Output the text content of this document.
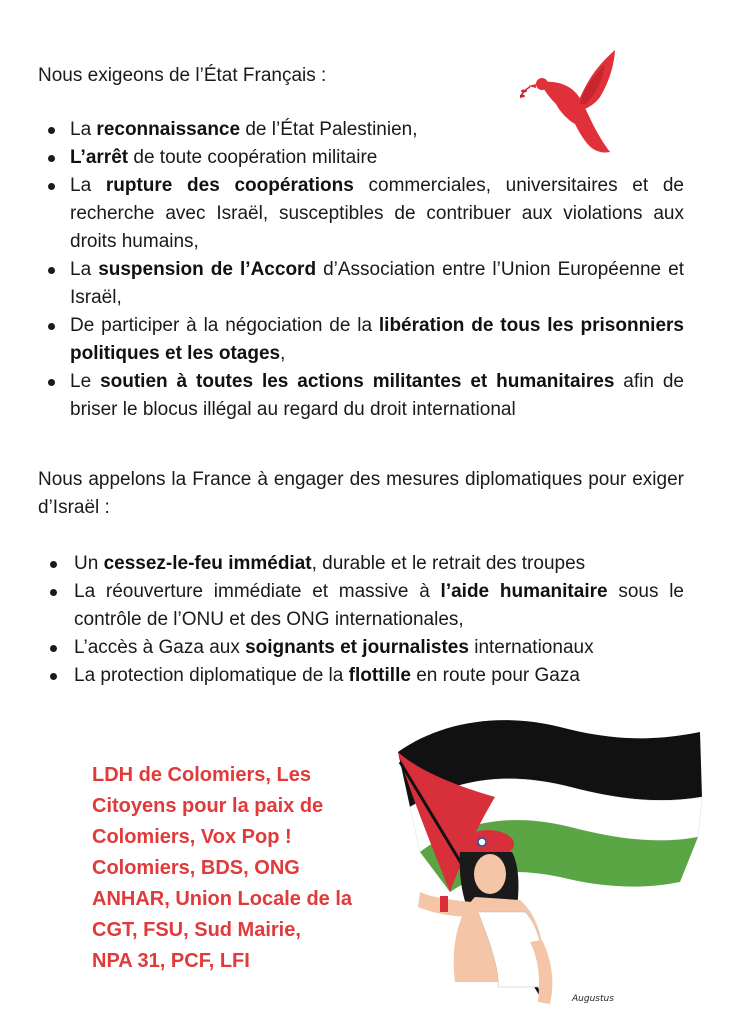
Nous exigeons de l’État Français :
La reconnaissance de l’État Palestinien,
L’arrêt de toute coopération militaire
La rupture des coopérations commerciales, universitaires et de recherche avec Israël, susceptibles de contribuer aux violations aux droits humains,
La suspension de l’Accord d’Association entre l’Union Européenne et Israël,
De participer à la négociation de la libération de tous les prisonniers politiques et les otages,
Le soutien à toutes les actions militantes et humanitaires afin de briser le blocus illégal au regard du droit international
Nous appelons la France à engager des mesures diplomatiques pour exiger d’Israël :
Un cessez-le-feu immédiat, durable et le retrait des troupes
La réouverture immédiate et massive à l’aide humanitaire sous le contrôle de l’ONU et des ONG internationales,
L’accès à Gaza aux soignants et journalistes internationaux
La protection diplomatique de la flottille en route pour Gaza
LDH de Colomiers, Les
Citoyens pour la paix de
Colomiers, Vox Pop !
Colomiers, BDS, ONG
ANHAR, Union Locale de la
CGT, FSU, Sud Mairie,
NPA 31, PCF, LFI
Augustus
